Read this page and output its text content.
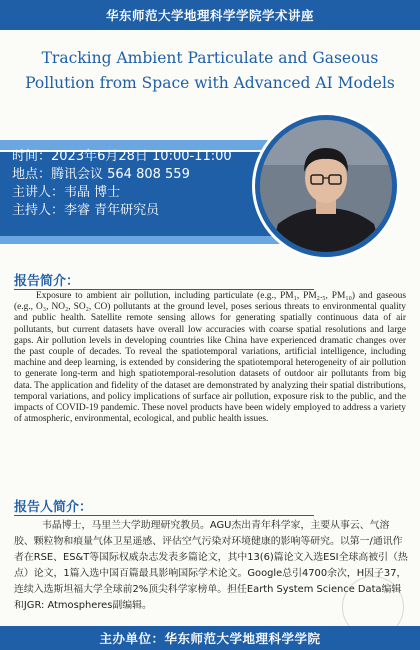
华东师范大学地理科学学院学术讲座
Tracking Ambient Particulate and Gaseous Pollution from Space with Advanced AI Models
时间：2023年6月28日 10:00-11:00
地点：腾讯会议 564 808 559
主讲人：韦晶 博士
主持人：李睿 青年研究员
报告简介：
Exposure to ambient air pollution, including particulate (e.g., PM₁, PM₂.₅, PM₁₀) and gaseous (e.g., O₃, NO₂, SO₂, CO) pollutants at the ground level, poses serious threats to environmental quality and public health. Satellite remote sensing allows for generating spatially continuous data of air pollutants, but current datasets have overall low accuracies with coarse spatial resolutions and large gaps. Air pollution levels in developing countries like China have experienced dramatic changes over the past couple of decades. To reveal the spatiotemporal variations, artificial intelligence, including machine and deep learning, is extended by considering the spatiotemporal heterogeneity of air pollution to generate long-term and high spatiotemporal-resolution datasets of outdoor air pollutants from big data. The application and fidelity of the dataset are demonstrated by analyzing their spatial distributions, temporal variations, and policy implications of surface air pollution, exposure risk to the public, and the impacts of COVID-19 pandemic. These novel products have been widely employed to address a variety of atmospheric, environmental, ecological, and public health issues.
报告人简介：
韦晶博士，马里兰大学助理研究教员。AGU杰出青年科学家，主要从事云、气溶胶、颗粒物和痕量气体卫星遥感、评估空气污染对环境健康的影响等研究。以第一/通讯作者在RSE、ES&T等国际权威杂志发表多篇论文，其中13(6)篇论文入选ESI全球高被引（热点）论文，1篇入选中国百篇最具影响国际学术论文。Google总引4700余次，H因子37，连续入选斯坦福大学全球前2%顶尖科学家榜单。担任Earth System Science Data编辑和JGR: Atmospheres副编辑。
主办单位：华东师范大学地理科学学院
